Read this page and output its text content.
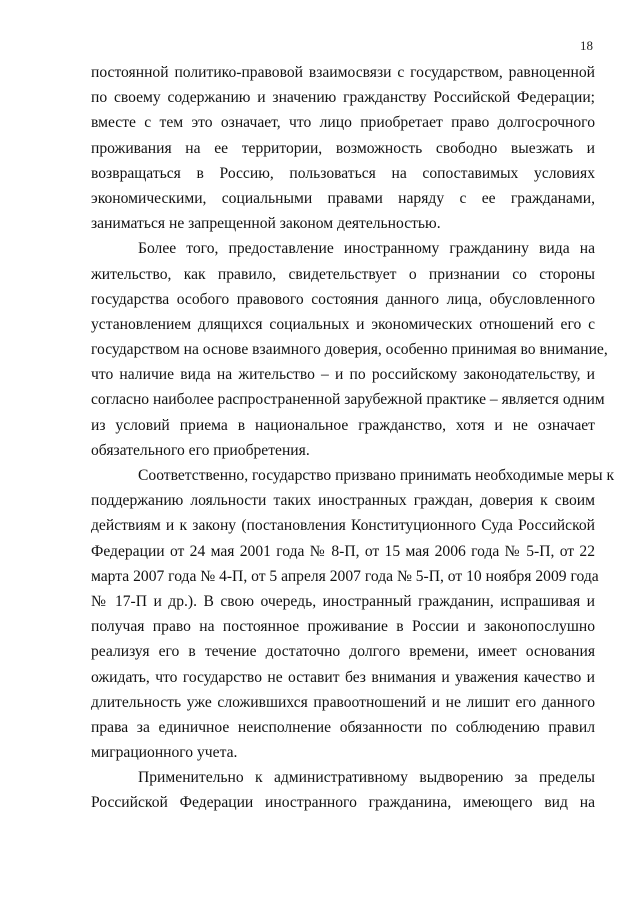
18
постоянной политико-правовой взаимосвязи с государством, равноценной
по своему содержанию и значению гражданству Российской Федерации;
вместе с тем это означает, что лицо приобретает право долгосрочного
проживания на ее территории, возможность свободно выезжать и
возвращаться в Россию, пользоваться на сопоставимых условиях
экономическими, социальными правами наряду с ее гражданами,
заниматься не запрещенной законом деятельностью.
Более того, предоставление иностранному гражданину вида на
жительство, как правило, свидетельствует о признании со стороны
государства особого правового состояния данного лица, обусловленного
установлением длящихся социальных и экономических отношений его с
государством на основе взаимного доверия, особенно принимая во внимание,
что наличие вида на жительство – и по российскому законодательству, и
согласно наиболее распространенной зарубежной практике – является одним
из условий приема в национальное гражданство, хотя и не означает
обязательного его приобретения.
Соответственно, государство призвано принимать необходимые меры к
поддержанию лояльности таких иностранных граждан, доверия к своим
действиям и к закону (постановления Конституционного Суда Российской
Федерации от 24 мая 2001 года № 8-П, от 15 мая 2006 года № 5-П, от 22
марта 2007 года № 4-П, от 5 апреля 2007 года № 5-П, от 10 ноября 2009 года
№ 17-П и др.). В свою очередь, иностранный гражданин, испрашивая и
получая право на постоянное проживание в России и законопослушно
реализуя его в течение достаточно долгого времени, имеет основания
ожидать, что государство не оставит без внимания и уважения качество и
длительность уже сложившихся правоотношений и не лишит его данного
права за единичное неисполнение обязанности по соблюдению правил
миграционного учета.
Применительно к административному выдворению за пределы
Российской Федерации иностранного гражданина, имеющего вид на
